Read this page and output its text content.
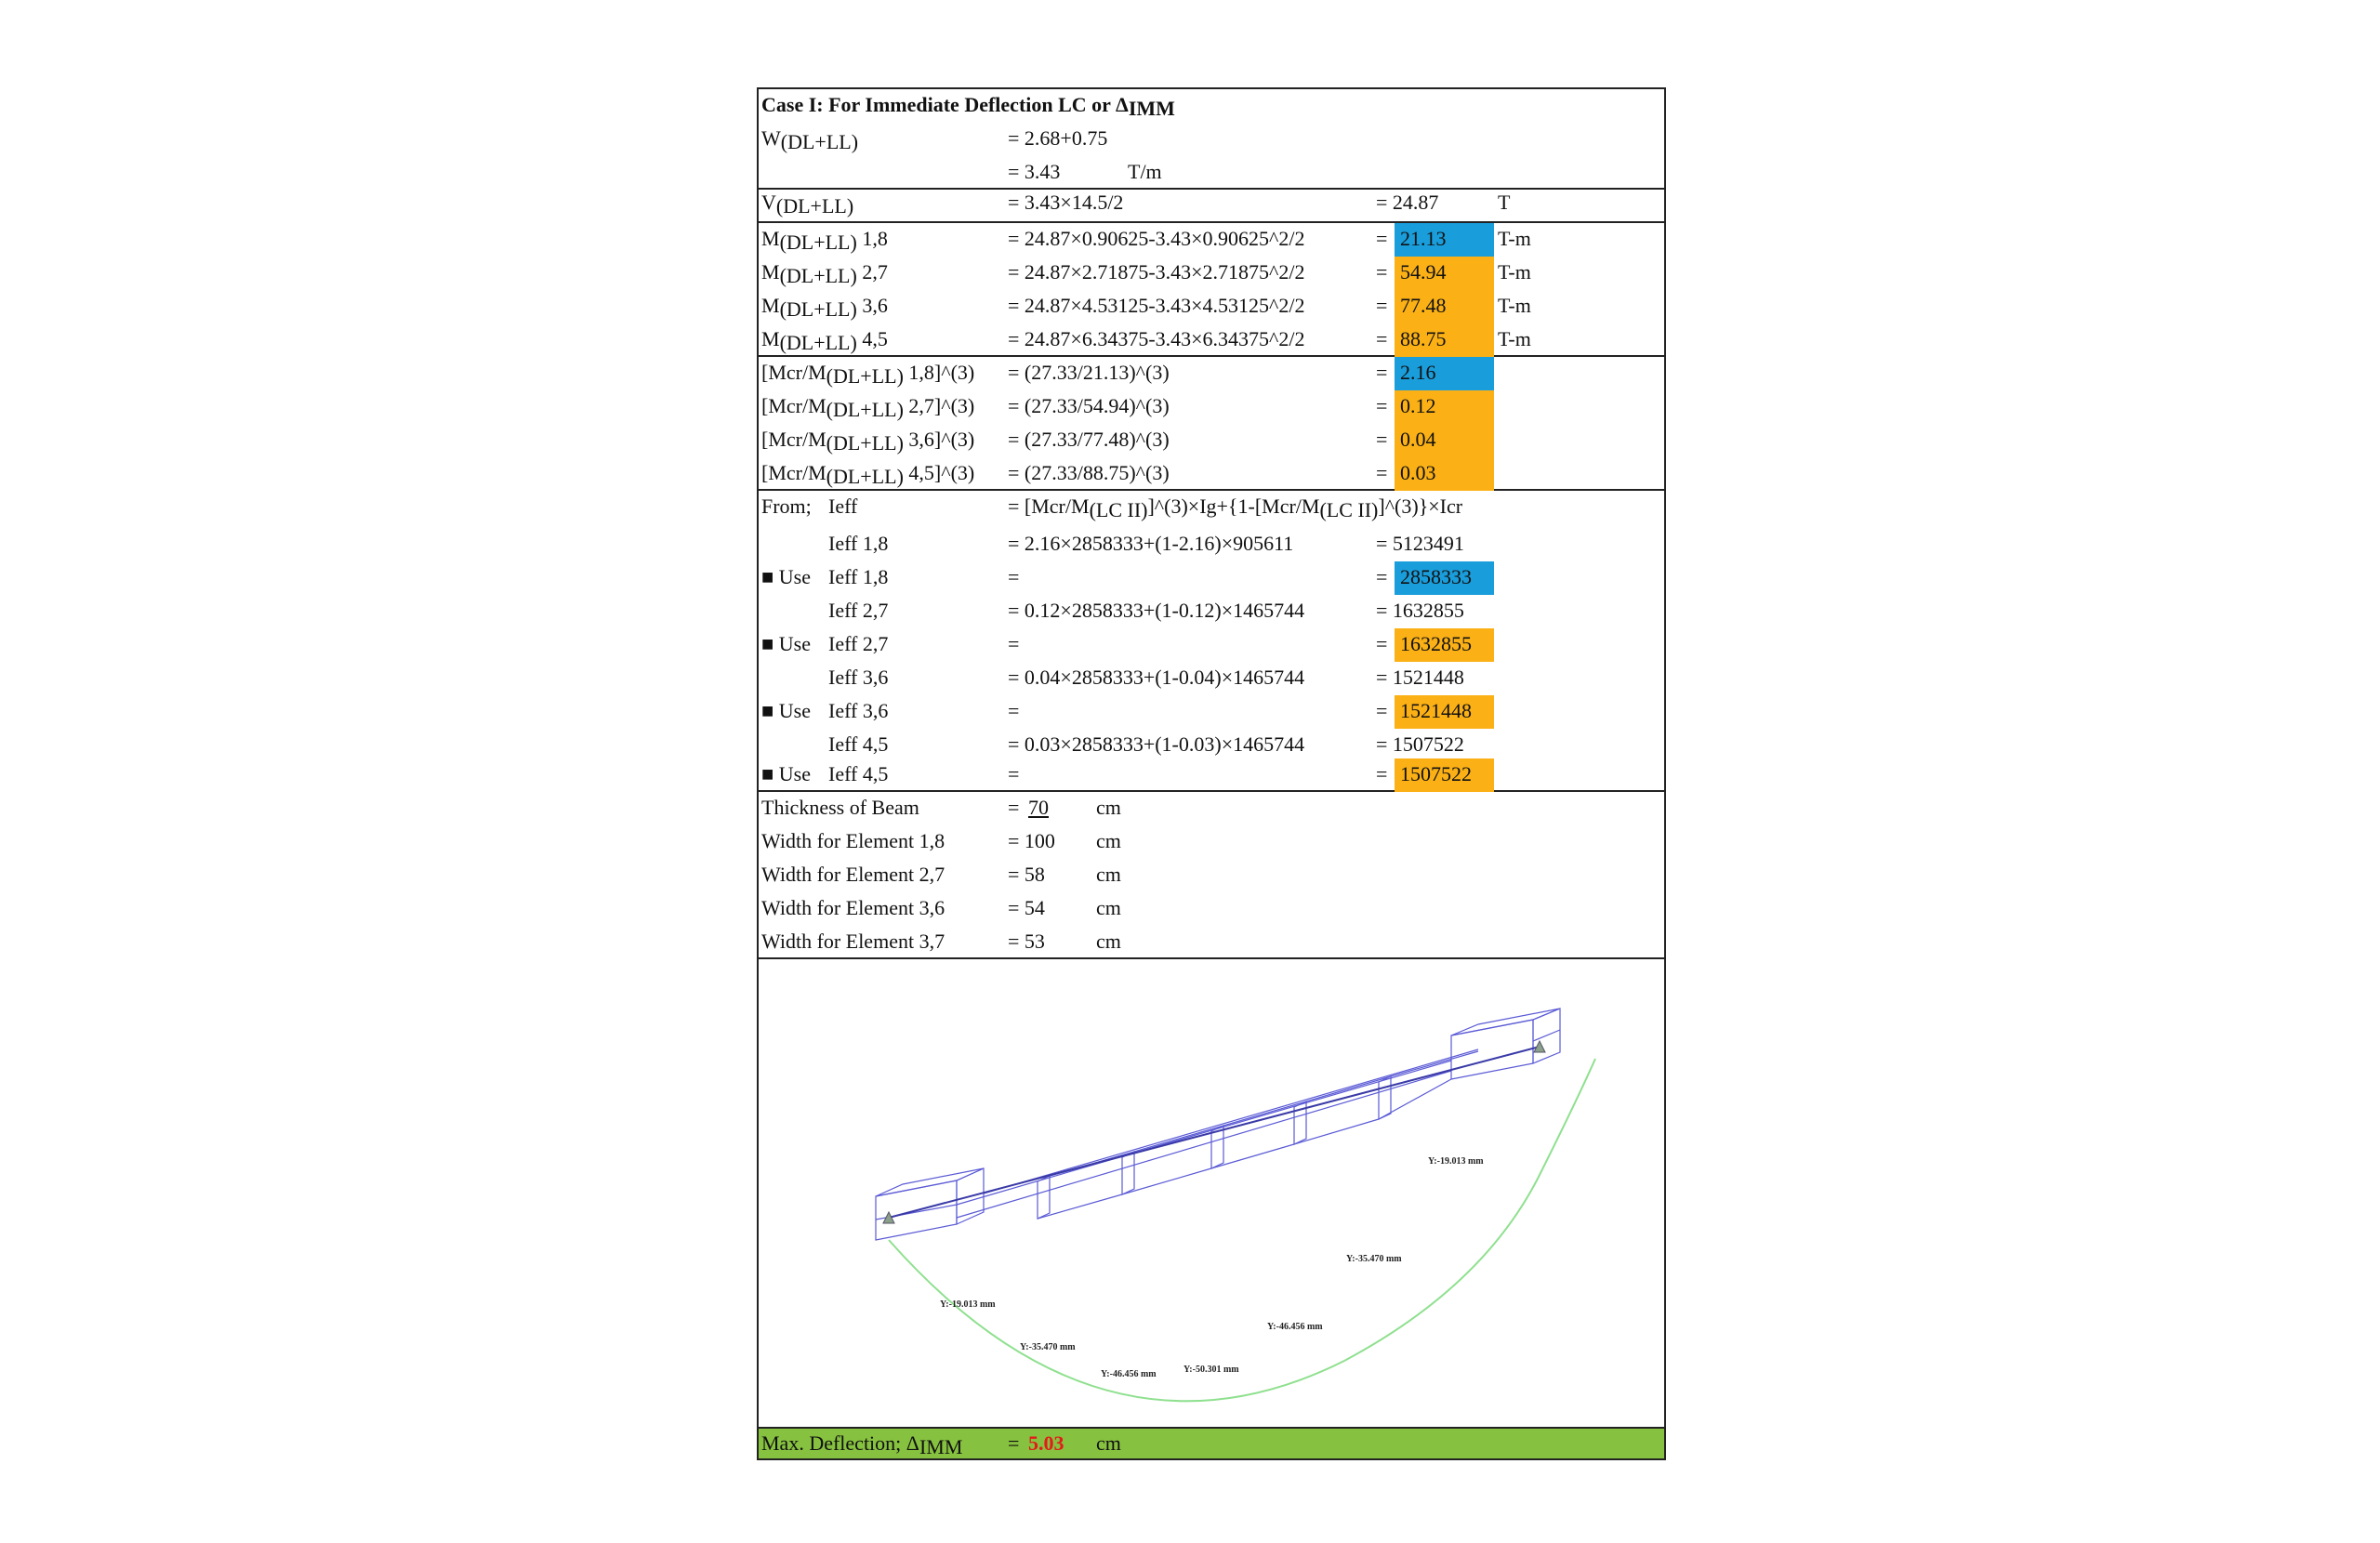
Case I: For Immediate Deflection LC or ΔIMM
W(DL+LL)	= 2.68+0.75
= 3.43	T/m
V(DL+LL)	= 3.43×14.5/2	= 24.87	T
M(DL+LL) 1,8	= 24.87×0.90625-3.43×0.90625^2/2	= 21.13	T-m
M(DL+LL) 2,7	= 24.87×2.71875-3.43×2.71875^2/2	= 54.94	T-m
M(DL+LL) 3,6	= 24.87×4.53125-3.43×4.53125^2/2	= 77.48	T-m
M(DL+LL) 4,5	= 24.87×6.34375-3.43×6.34375^2/2	= 88.75	T-m
[Mcr/M(DL+LL) 1,8]^(3) = (27.33/21.13)^(3)	= 2.16
[Mcr/M(DL+LL) 2,7]^(3) = (27.33/54.94)^(3)	= 0.12
[Mcr/M(DL+LL) 3,6]^(3) = (27.33/77.48)^(3)	= 0.04
[Mcr/M(DL+LL) 4,5]^(3) = (27.33/88.75)^(3)	= 0.03
From; Ieff	= [Mcr/M(LC II)]^(3)×Ig+{1-[Mcr/M(LC II)]^(3)}×Icr
Ieff 1,8	= 2.16×2858333+(1-2.16)×905611	= 5123491
■ Use Ieff 1,8	=	= 2858333
Ieff 2,7	= 0.12×2858333+(1-0.12)×1465744	= 1632855
■ Use Ieff 2,7	=	= 1632855
Ieff 3,6	= 0.04×2858333+(1-0.04)×1465744	= 1521448
■ Use Ieff 3,6	=	= 1521448
Ieff 4,5	= 0.03×2858333+(1-0.03)×1465744	= 1507522
■ Use Ieff 4,5	=	= 1507522
Thickness of Beam	= 70 cm
Width for Element 1,8	= 100 cm
Width for Element 2,7	= 58	cm
Width for Element 3,6	= 54	cm
Width for Element 3,7	= 53	cm
Y:-19.013 mm
Y:-35.470 mm
Y:-46.456 mm	Y:-50.301 mm
Y:-46.456 mm
Y:-35.470 mm
Y:-19.013 mm
Max. Deflection; ΔIMM = 5.03 cm
